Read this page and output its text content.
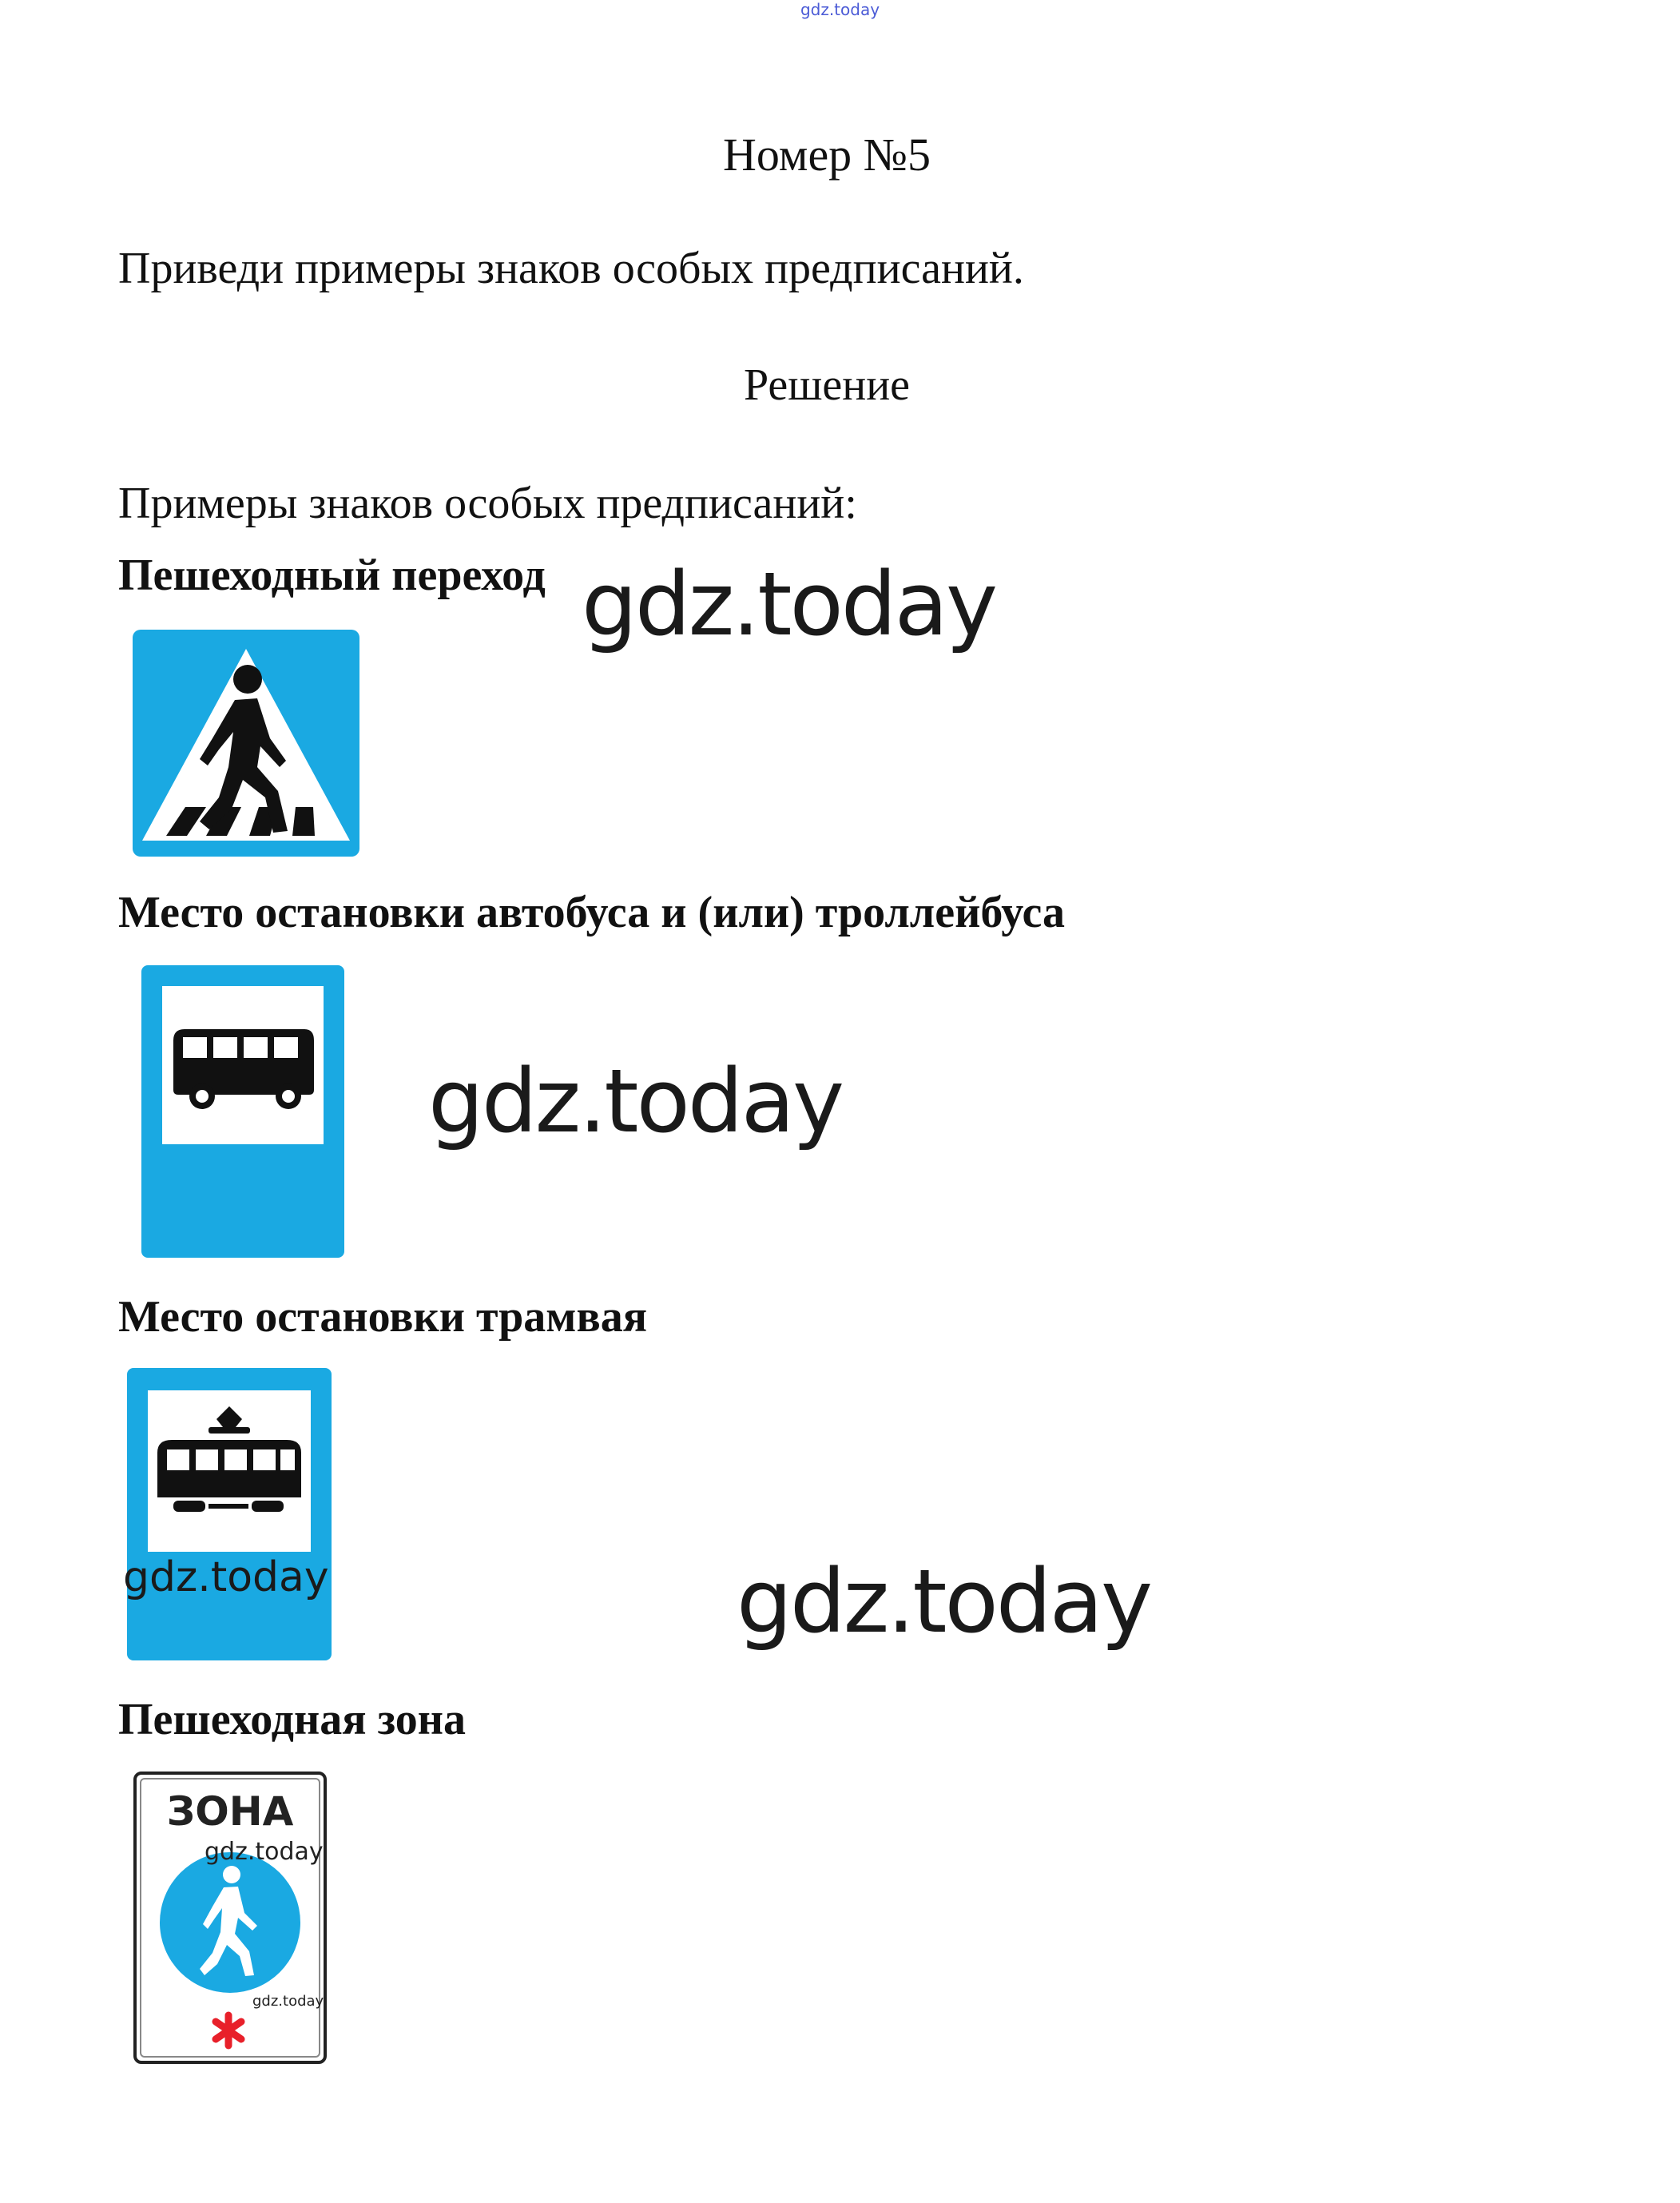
gdz.today
Номер №5
Приведи примеры знаков особых предписаний.
Решение
Примеры знаков особых предписаний:
Пешеходный переход gdz.today
Место остановки автобуса и (или) троллейбуса
gdz.today
Место остановки трамвая
gdz.today	gdz.today
Пешеходная зона
ЗОНА
gdz.today
gdz.today
